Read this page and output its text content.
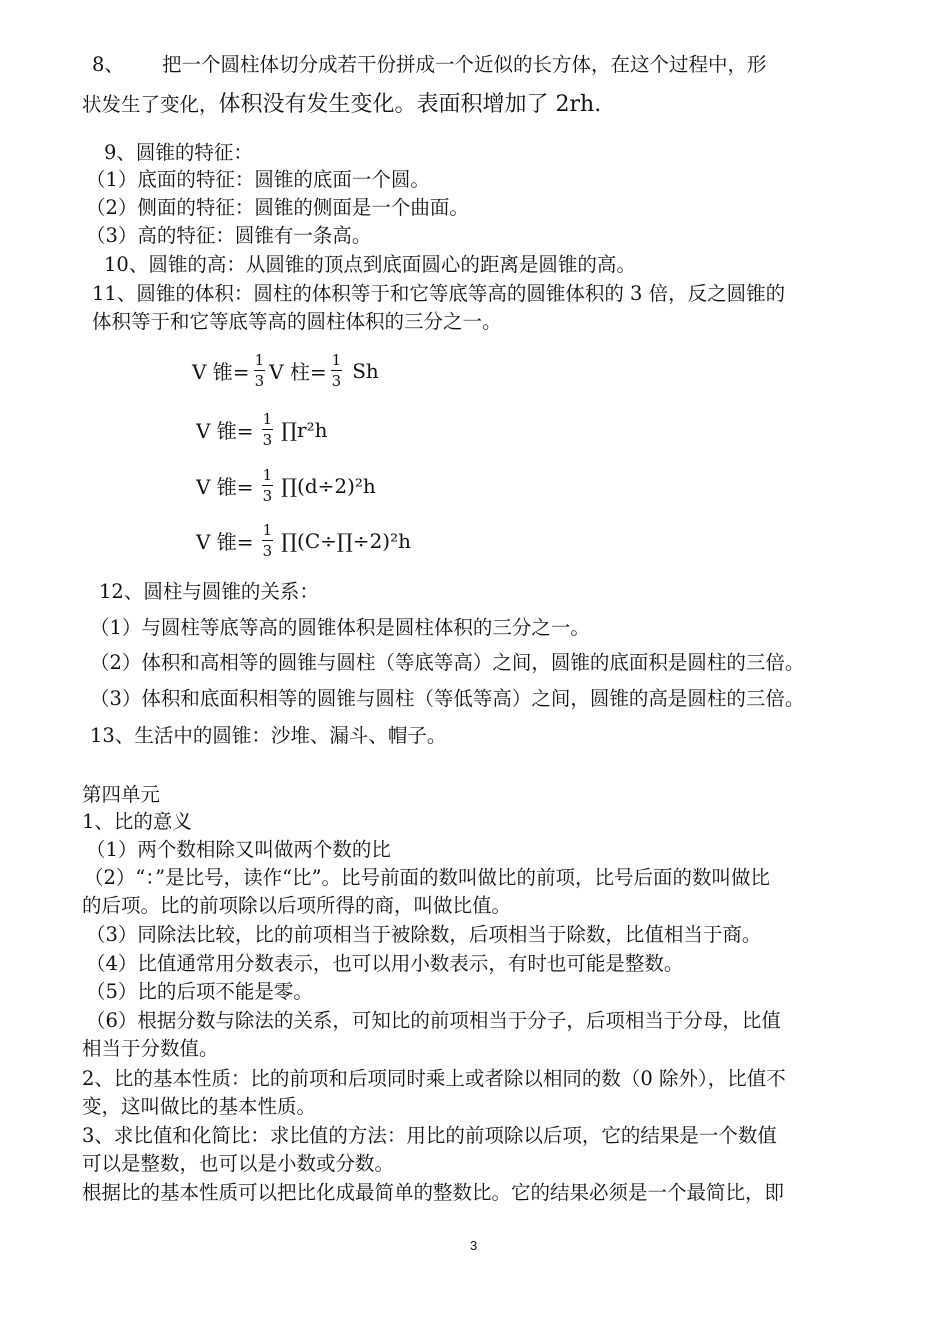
8、 把一个圆柱体切分成若干份拼成一个近似的长方体，在这个过程中，形
状发生了变化，体积没有发生变化。表面积增加了 2rh.
9、圆锥的特征：
（1）底面的特征：圆锥的底面一个圆。
（2）侧面的特征：圆锥的侧面是一个曲面。
（3）高的特征：圆锥有一条高。
10、圆锥的高：从圆锥的顶点到底面圆心的距离是圆锥的高。
11、圆锥的体积：圆柱的体积等于和它等底等高的圆锥体积的 3 倍，反之圆锥的
体积等于和它等底等高的圆柱体积的三分之一。
V 锥= $\frac{1}{3}$ V 柱= $\frac{1}{3}$ Sh
V 锥= $\frac{1}{3}$ ∏r²h
V 锥= $\frac{1}{3}$ ∏(d÷2)²h
V 锥= $\frac{1}{3}$ ∏(C÷∏÷2)²h
12、圆柱与圆锥的关系：
（1）与圆柱等底等高的圆锥体积是圆柱体积的三分之一。
（2）体积和高相等的圆锥与圆柱（等底等高）之间，圆锥的底面积是圆柱的三倍。
（3）体积和底面积相等的圆锥与圆柱（等低等高）之间，圆锥的高是圆柱的三倍。
13、生活中的圆锥：沙堆、漏斗、帽子。
第四单元
1、比的意义
（1）两个数相除又叫做两个数的比
（2）“：”是比号，读作“比”。比号前面的数叫做比的前项，比号后面的数叫做比
的后项。比的前项除以后项所得的商，叫做比值。
（3）同除法比较，比的前项相当于被除数，后项相当于除数，比值相当于商。
（4）比值通常用分数表示，也可以用小数表示，有时也可能是整数。
（5）比的后项不能是零。
（6）根据分数与除法的关系，可知比的前项相当于分子，后项相当于分母，比值
相当于分数值。
2、比的基本性质：比的前项和后项同时乘上或者除以相同的数（0 除外），比值不
变，这叫做比的基本性质。
3、求比值和化简比：求比值的方法：用比的前项除以后项，它的结果是一个数值
可以是整数，也可以是小数或分数。
根据比的基本性质可以把比化成最简单的整数比。它的结果必须是一个最简比，即
3
